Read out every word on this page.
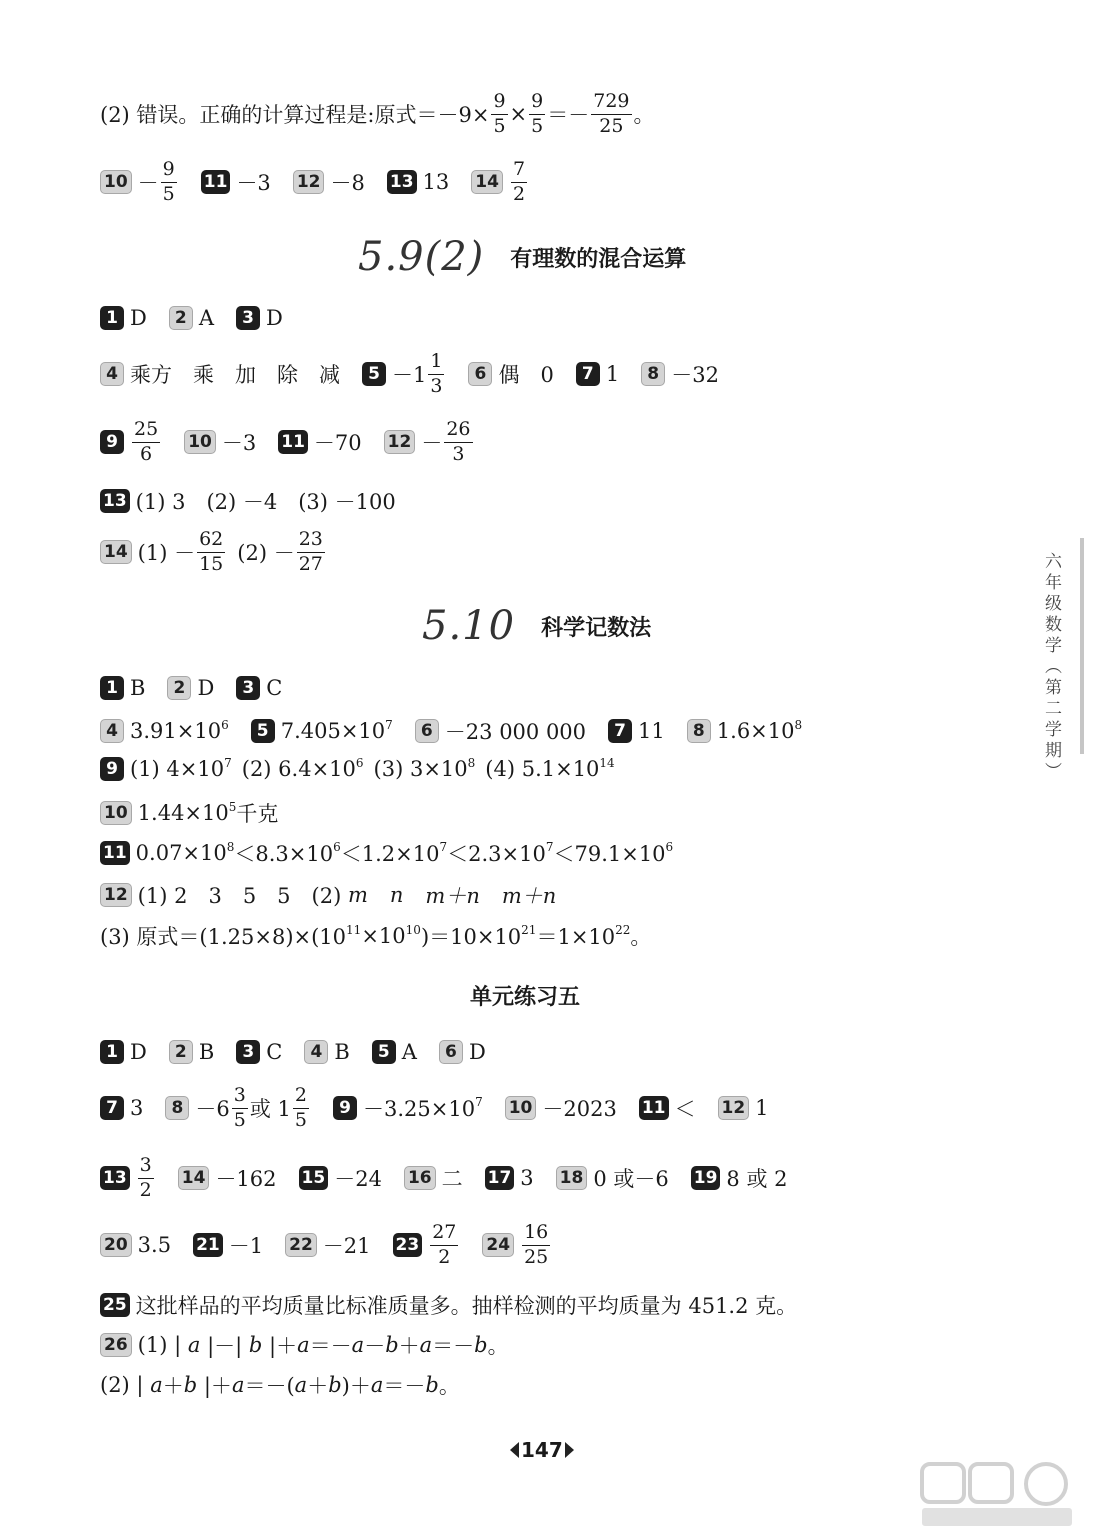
(2) 错误。正确的计算过程是:原式$=-9\times \frac{9}{5} \times \frac{9}{5} =- \frac{729}{25}$ 。
$10 - \frac{9}{5} 11 -3$ 12 －8 13 13 $14 \frac{7}{2}$
5.9(2) 有理数的混合运算
1 D	2 A	3 D
4 乘方　乘　加　除　减	$5 -1 \frac{1}{3}$	6 偶　0	7 1	8 －32
$9 \frac{25}{6} 10 -3$ 11 －70 $12 - \frac{26}{3}$
13 (1) 3　(2) －4　(3) －100
14 $(1) - \frac{62}{15} (2) - \frac{23}{27}$
5.10 科学记数法
1 B	2 D	3 C
4 $3.91\times 10^6$	5 $7.405\times 10^7$	6 －23 000 000	7 11	8 $1.6\times 10^8$
9 (1) $4\times 10^7$ (2) $6.4\times 10^6$ (3) $3\times 10^8$ (4) $5.1\times 10^{14}$
10 $1.44\times 10^5$ 千克
11 $0.07\times 10^8 <8.3\times 10^6 <1.2\times 10^7 <2.3\times 10^7 <79.1\times 10^6$
12 (1) 2　3　5　5　(2) m n m＋n m＋n
(3) 原式$=(1.25\times 8)\times(10^{11} \times 10^{10}$ )$=10\times 10^{21} =1\times 10^{22}$ 。
单元练习五
1 D	2 B	3 C	4 B	5 A	6 D
7 3	$8 -6 \frac{3}{5}$ 或 $1 \frac{2}{5}$	$9 -3.25\times 10^7$ 10 －2023 11 ＜ 12 1
$13 \frac{3}{2} 14 -162$ 15 －24 16 二 17 3 18 0 或－6 19 8 或 2
20 3.5 21 －1 22 －21 $23 \frac{27}{2} 24 \frac{16}{25}$
25 这批样品的平均质量比标准质量多。抽样检测的平均质量为 451.2 克。
26 (1) | a |－| b |＋ a ＝－ a － b ＋ a ＝－ b 。
(2) | a ＋ b |＋ a ＝－( a ＋ b )＋ a ＝－ b 。
六年级数学（第二学期）
147
